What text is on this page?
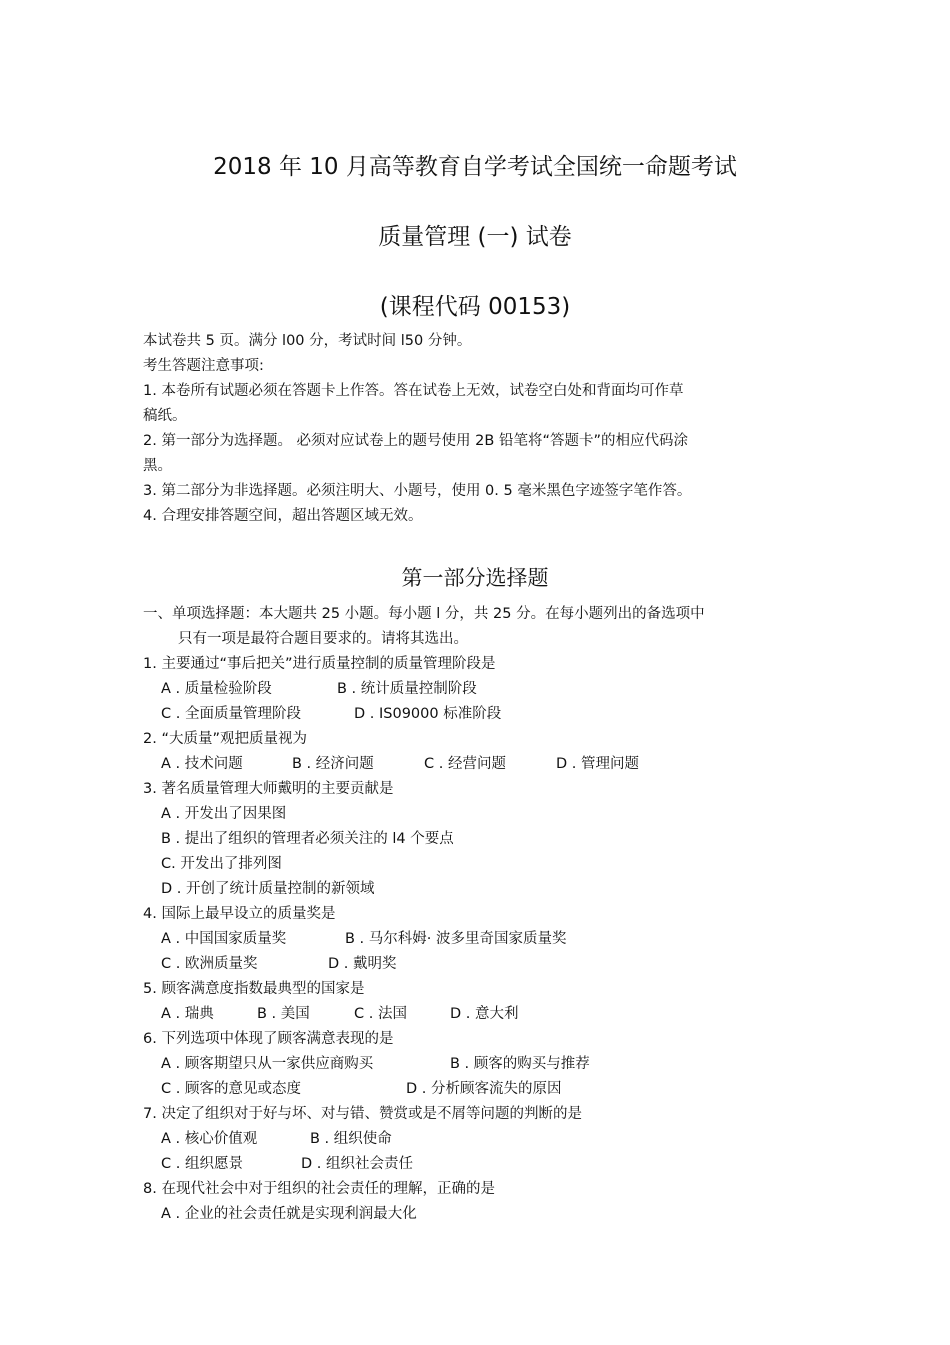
2018 年 10 月高等教育自学考试全国统一命题考试
质量管理 (一) 试卷
(课程代码 00153)
本试卷共 5 页。满分 l00 分，考试时间 l50 分钟。
考生答题注意事项:
1. 本卷所有试题必须在答题卡上作答。答在试卷上无效，试卷空白处和背面均可作草
稿纸。
2. 第一部分为选择题。 必须对应试卷上的题号使用 2B 铅笔将“答题卡”的相应代码涂
黑。
3. 第二部分为非选择题。必须注明大、小题号，使用 0. 5 毫米黑色字迹签字笔作答。
4. 合理安排答题空间，超出答题区域无效。
第一部分选择题
一、单项选择题：本大题共 25 小题。每小题 l 分，共 25 分。在每小题列出的备选项中
只有一项是最符合题目要求的。请将其选出。
1. 主要通过“事后把关”进行质量控制的质量管理阶段是
A . 质量检验阶段	B . 统计质量控制阶段
C . 全面质量管理阶段	D . IS09000 标准阶段
2. “大质量”观把质量视为
A . 技术问题	B . 经济问题	C . 经营问题	D . 管理问题
3. 著名质量管理大师戴明的主要贡献是
A . 开发出了因果图
B . 提出了组织的管理者必须关注的 l4 个要点
C. 开发出了排列图
D . 开创了统计质量控制的新领域
4. 国际上最早设立的质量奖是
A . 中国国家质量奖	B . 马尔科姆· 波多里奇国家质量奖
C . 欧洲质量奖	D . 戴明奖
5. 顾客满意度指数最典型的国家是
A . 瑞典	B . 美国	C . 法国	D . 意大利
6. 下列选项中体现了顾客满意表现的是
A . 顾客期望只从一家供应商购买	B . 顾客的购买与推荐
C . 顾客的意见或态度	D . 分析顾客流失的原因
7. 决定了组织对于好与坏、对与错、赞赏或是不屑等问题的判断的是
A . 核心价值观	B . 组织使命
C . 组织愿景	D . 组织社会责任
8. 在现代社会中对于组织的社会责任的理解，正确的是
A . 企业的社会责任就是实现利润最大化
